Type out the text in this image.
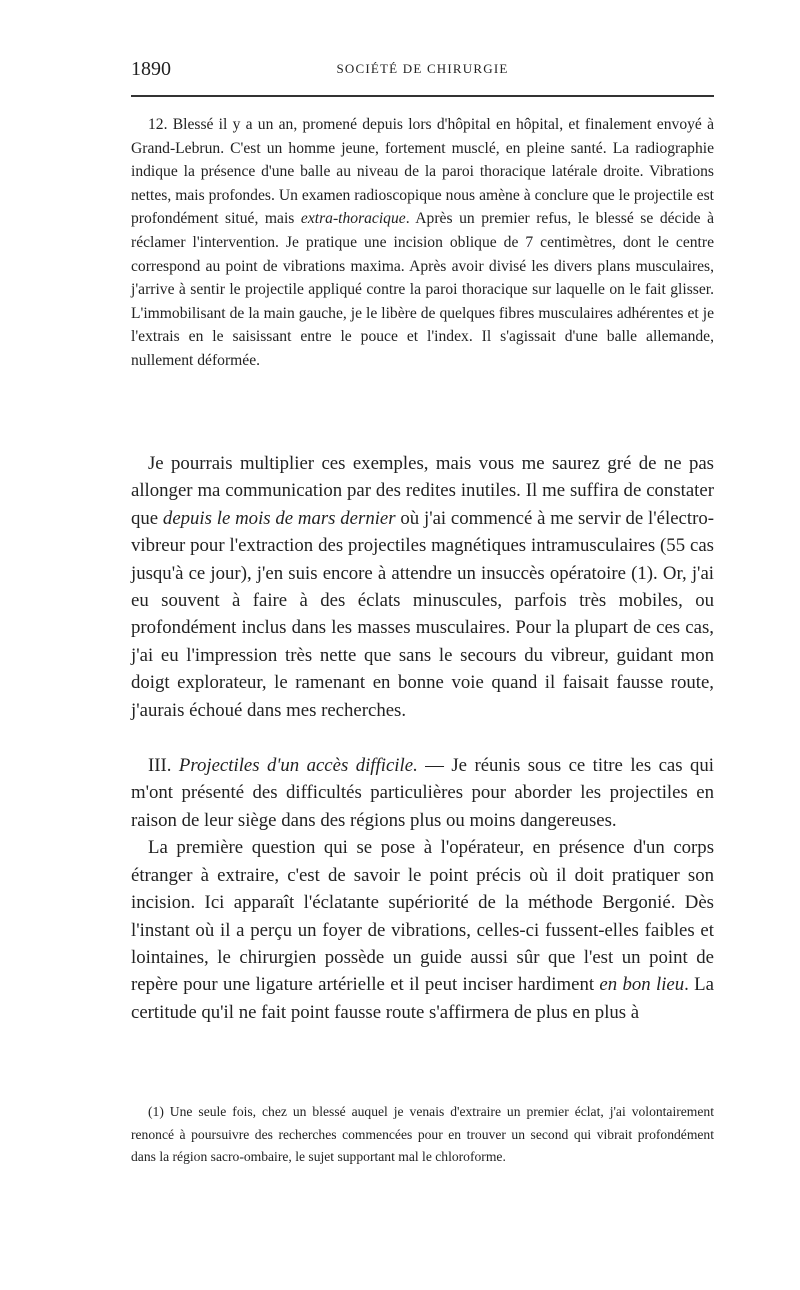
1890	SOCIÉTÉ DE CHIRURGIE

12. Blessé il y a un an, promené depuis lors d'hôpital en hôpital, et finalement envoyé à Grand-Lebrun. C'est un homme jeune, fortement musclé, en pleine santé. La radiographie indique la présence d'une balle au niveau de la paroi thoracique latérale droite. Vibrations nettes, mais profondes. Un examen radioscopique nous amène à conclure que le projectile est profondément situé, mais extra-thoracique. Après un premier refus, le blessé se décide à réclamer l'intervention. Je pratique une incision oblique de 7 centimètres, dont le centre correspond au point de vibrations maxima. Après avoir divisé les divers plans musculaires, j'arrive à sentir le projectile appliqué contre la paroi thoracique sur laquelle on le fait glisser. L'immobilisant de la main gauche, je le libère de quelques fibres musculaires adhérentes et je l'extrais en le saisissant entre le pouce et l'index. Il s'agissait d'une balle allemande, nullement déformée.

Je pourrais multiplier ces exemples, mais vous me saurez gré de ne pas allonger ma communication par des redites inutiles. Il me suffira de constater que depuis le mois de mars dernier où j'ai commencé à me servir de l'électro-vibreur pour l'extraction des projectiles magnétiques intramusculaires (55 cas jusqu'à ce jour), j'en suis encore à attendre un insuccès opératoire (1). Or, j'ai eu souvent à faire à des éclats minuscules, parfois très mobiles, ou profondément inclus dans les masses musculaires. Pour la plupart de ces cas, j'ai eu l'impression très nette que sans le secours du vibreur, guidant mon doigt explorateur, le ramenant en bonne voie quand il faisait fausse route, j'aurais échoué dans mes recherches.

III. Projectiles d'un accès difficile. — Je réunis sous ce titre les cas qui m'ont présenté des difficultés particulières pour aborder les projectiles en raison de leur siège dans des régions plus ou moins dangereuses.

La première question qui se pose à l'opérateur, en présence d'un corps étranger à extraire, c'est de savoir le point précis où il doit pratiquer son incision. Ici apparaît l'éclatante supériorité de la méthode Bergonié. Dès l'instant où il a perçu un foyer de vibrations, celles-ci fussent-elles faibles et lointaines, le chirurgien possède un guide aussi sûr que l'est un point de repère pour une ligature artérielle et il peut inciser hardiment en bon lieu. La certitude qu'il ne fait point fausse route s'affirmera de plus en plus à

(1) Une seule fois, chez un blessé auquel je venais d'extraire un premier éclat, j'ai volontairement renoncé à poursuivre des recherches commencées pour en trouver un second qui vibrait profondément dans la région sacro-ombaire, le sujet supportant mal le chloroforme.
